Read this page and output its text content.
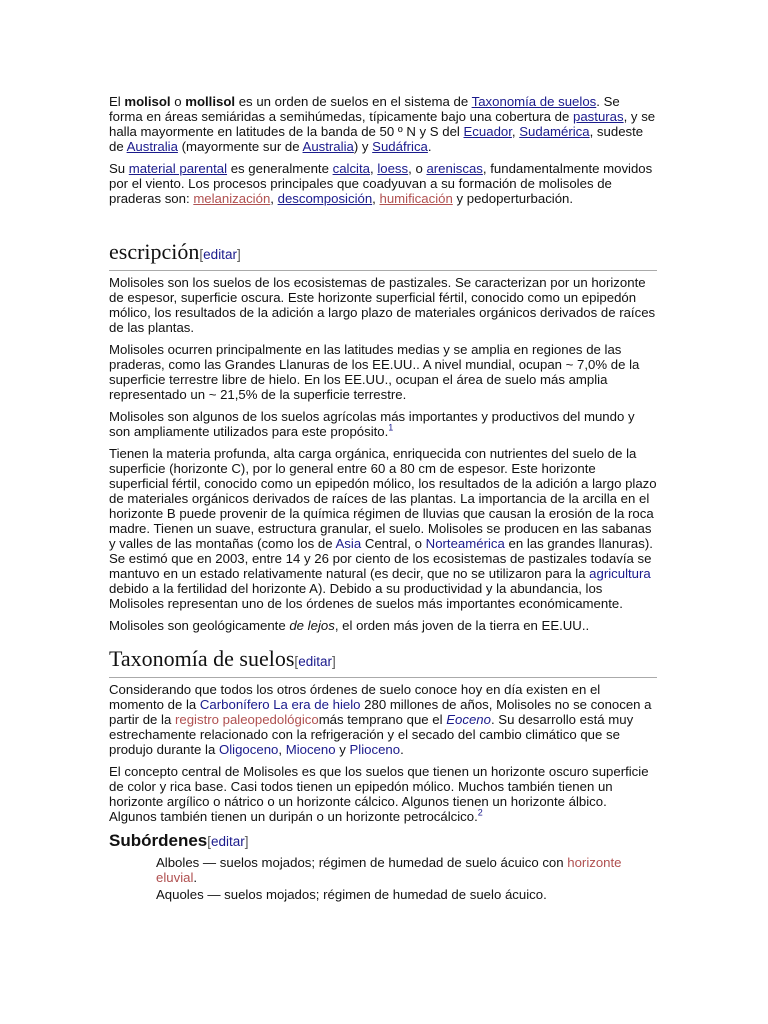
El molisol o mollisol es un orden de suelos en el sistema de Taxonomía de suelos. Se forma en áreas semiáridas a semihúmedas, típicamente bajo una cobertura de pasturas, y se halla mayormente en latitudes de la banda de 50 º N y S del Ecuador, Sudamérica, sudeste de Australia (mayormente sur de Australia) y Sudáfrica.

Su material parental es generalmente calcita, loess, o areniscas, fundamentalmente movidos por el viento. Los procesos principales que coadyuvan a su formación de molisoles de praderas son: melanización, descomposición, humificación y pedoperturbación.

escripción[editar]

Molisoles son los suelos de los ecosistemas de pastizales. Se caracterizan por un horizonte de espesor, superficie oscura. Este horizonte superficial fértil, conocido como un epipedón mólico, los resultados de la adición a largo plazo de materiales orgánicos derivados de raíces de las plantas.

Molisoles ocurren principalmente en las latitudes medias y se amplia en regiones de las praderas, como las Grandes Llanuras de los EE.UU.. A nivel mundial, ocupan ~ 7,0% de la superficie terrestre libre de hielo. En los EE.UU., ocupan el área de suelo más amplia representado un ~ 21,5% de la superficie terrestre.

Molisoles son algunos de los suelos agrícolas más importantes y productivos del mundo y son ampliamente utilizados para este propósito.$^1$

Tienen la materia profunda, alta carga orgánica, enriquecida con nutrientes del suelo de la superficie (horizonte C), por lo general entre 60 a 80 cm de espesor. Este horizonte superficial fértil, conocido como un epipedón mólico, los resultados de la adición a largo plazo de materiales orgánicos derivados de raíces de las plantas. La importancia de la arcilla en el horizonte B puede provenir de la química régimen de lluvias que causan la erosión de la roca madre. Tienen un suave, estructura granular, el suelo. Molisoles se producen en las sabanas y valles de las montañas (como los de Asia Central, o Norteamérica en las grandes llanuras). Se estimó que en 2003, entre 14 y 26 por ciento de los ecosistemas de pastizales todavía se mantuvo en un estado relativamente natural (es decir, que no se utilizaron para la agricultura debido a la fertilidad del horizonte A). Debido a su productividad y la abundancia, los Molisoles representan uno de los órdenes de suelos más importantes económicamente.

Molisoles son geológicamente de lejos, el orden más joven de la tierra en EE.UU..

Taxonomía de suelos[editar]

Considerando que todos los otros órdenes de suelo conoce hoy en día existen en el momento de la Carbonífero La era de hielo 280 millones de años, Molisoles no se conocen a partir de la registro paleopedológicomás temprano que el Eoceno. Su desarrollo está muy estrechamente relacionado con la refrigeración y el secado del cambio climático que se produjo durante la Oligoceno, Mioceno y Plioceno.

El concepto central de Molisoles es que los suelos que tienen un horizonte oscuro superficie de color y rica base. Casi todos tienen un epipedón mólico. Muchos también tienen un horizonte argílico o nátrico o un horizonte cálcico. Algunos tienen un horizonte álbico. Algunos también tienen un duripán o un horizonte petrocálcico.$^2$

Subórdenes[editar]
Alboles — suelos mojados; régimen de humedad de suelo ácuico con horizonte eluvial.
Aquoles — suelos mojados; régimen de humedad de suelo ácuico.
